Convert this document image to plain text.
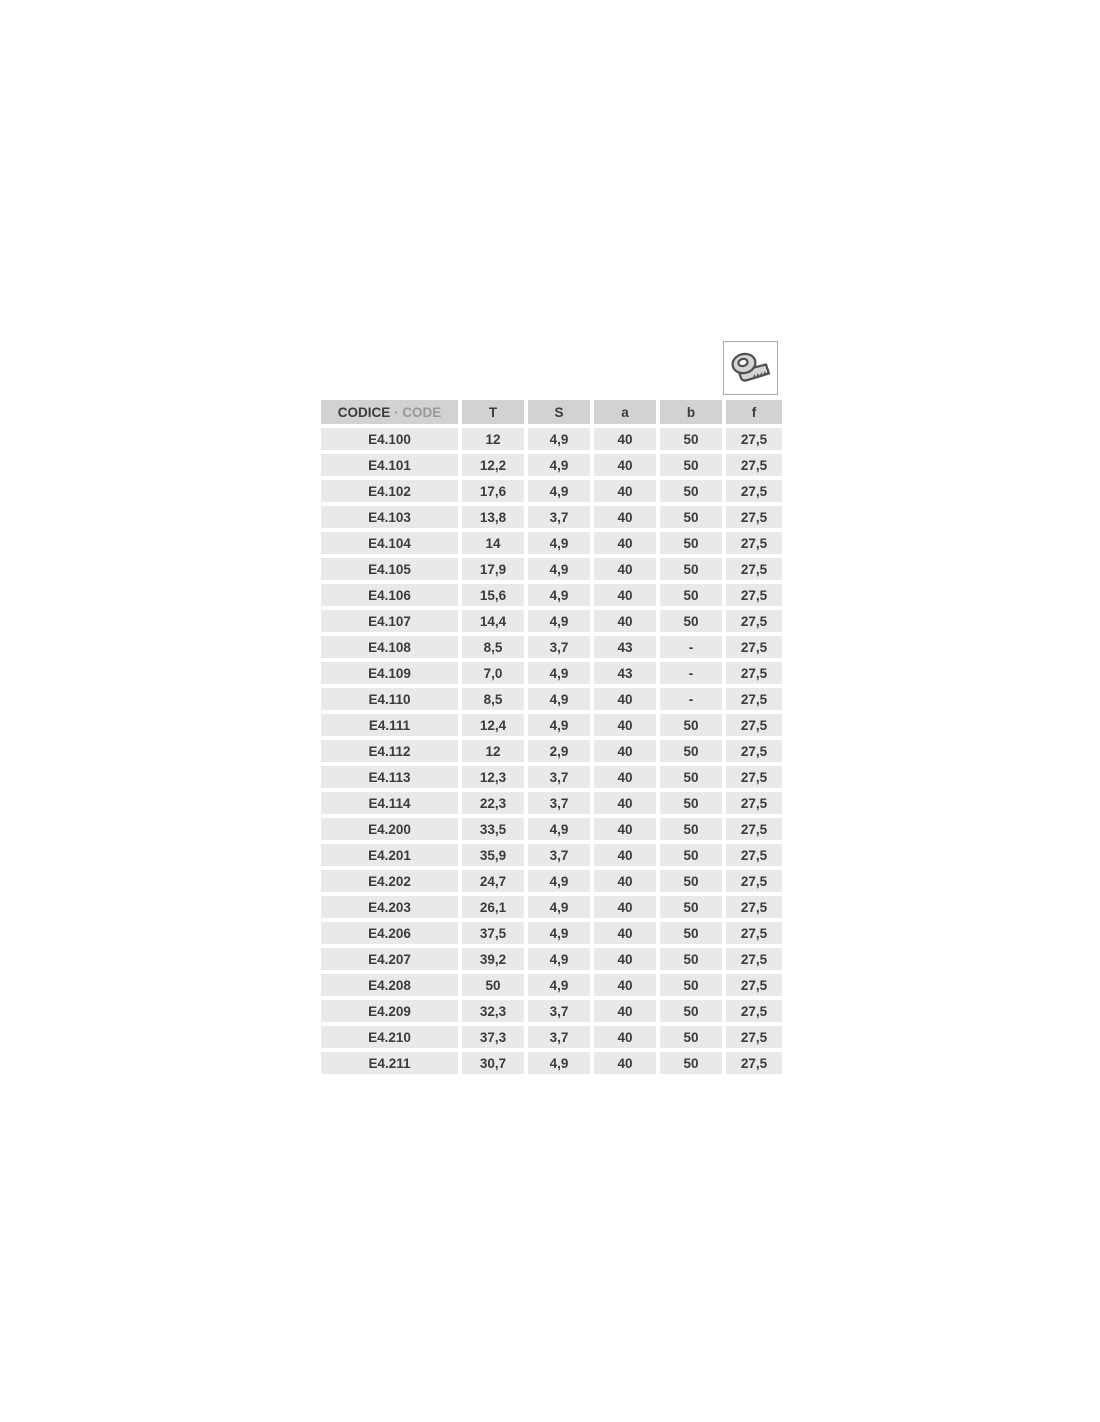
CODICE · CODE	T	S	a	b	f
E4.100	12	4,9	40	50	27,5
E4.101	12,2	4,9	40	50	27,5
E4.102	17,6	4,9	40	50	27,5
E4.103	13,8	3,7	40	50	27,5
E4.104	14	4,9	40	50	27,5
E4.105	17,9	4,9	40	50	27,5
E4.106	15,6	4,9	40	50	27,5
E4.107	14,4	4,9	40	50	27,5
E4.108	8,5	3,7	43	-	27,5
E4.109	7,0	4,9	43	-	27,5
E4.110	8,5	4,9	40	-	27,5
E4.111	12,4	4,9	40	50	27,5
E4.112	12	2,9	40	50	27,5
E4.113	12,3	3,7	40	50	27,5
E4.114	22,3	3,7	40	50	27,5
E4.200	33,5	4,9	40	50	27,5
E4.201	35,9	3,7	40	50	27,5
E4.202	24,7	4,9	40	50	27,5
E4.203	26,1	4,9	40	50	27,5
E4.206	37,5	4,9	40	50	27,5
E4.207	39,2	4,9	40	50	27,5
E4.208	50	4,9	40	50	27,5
E4.209	32,3	3,7	40	50	27,5
E4.210	37,3	3,7	40	50	27,5
E4.211	30,7	4,9	40	50	27,5
